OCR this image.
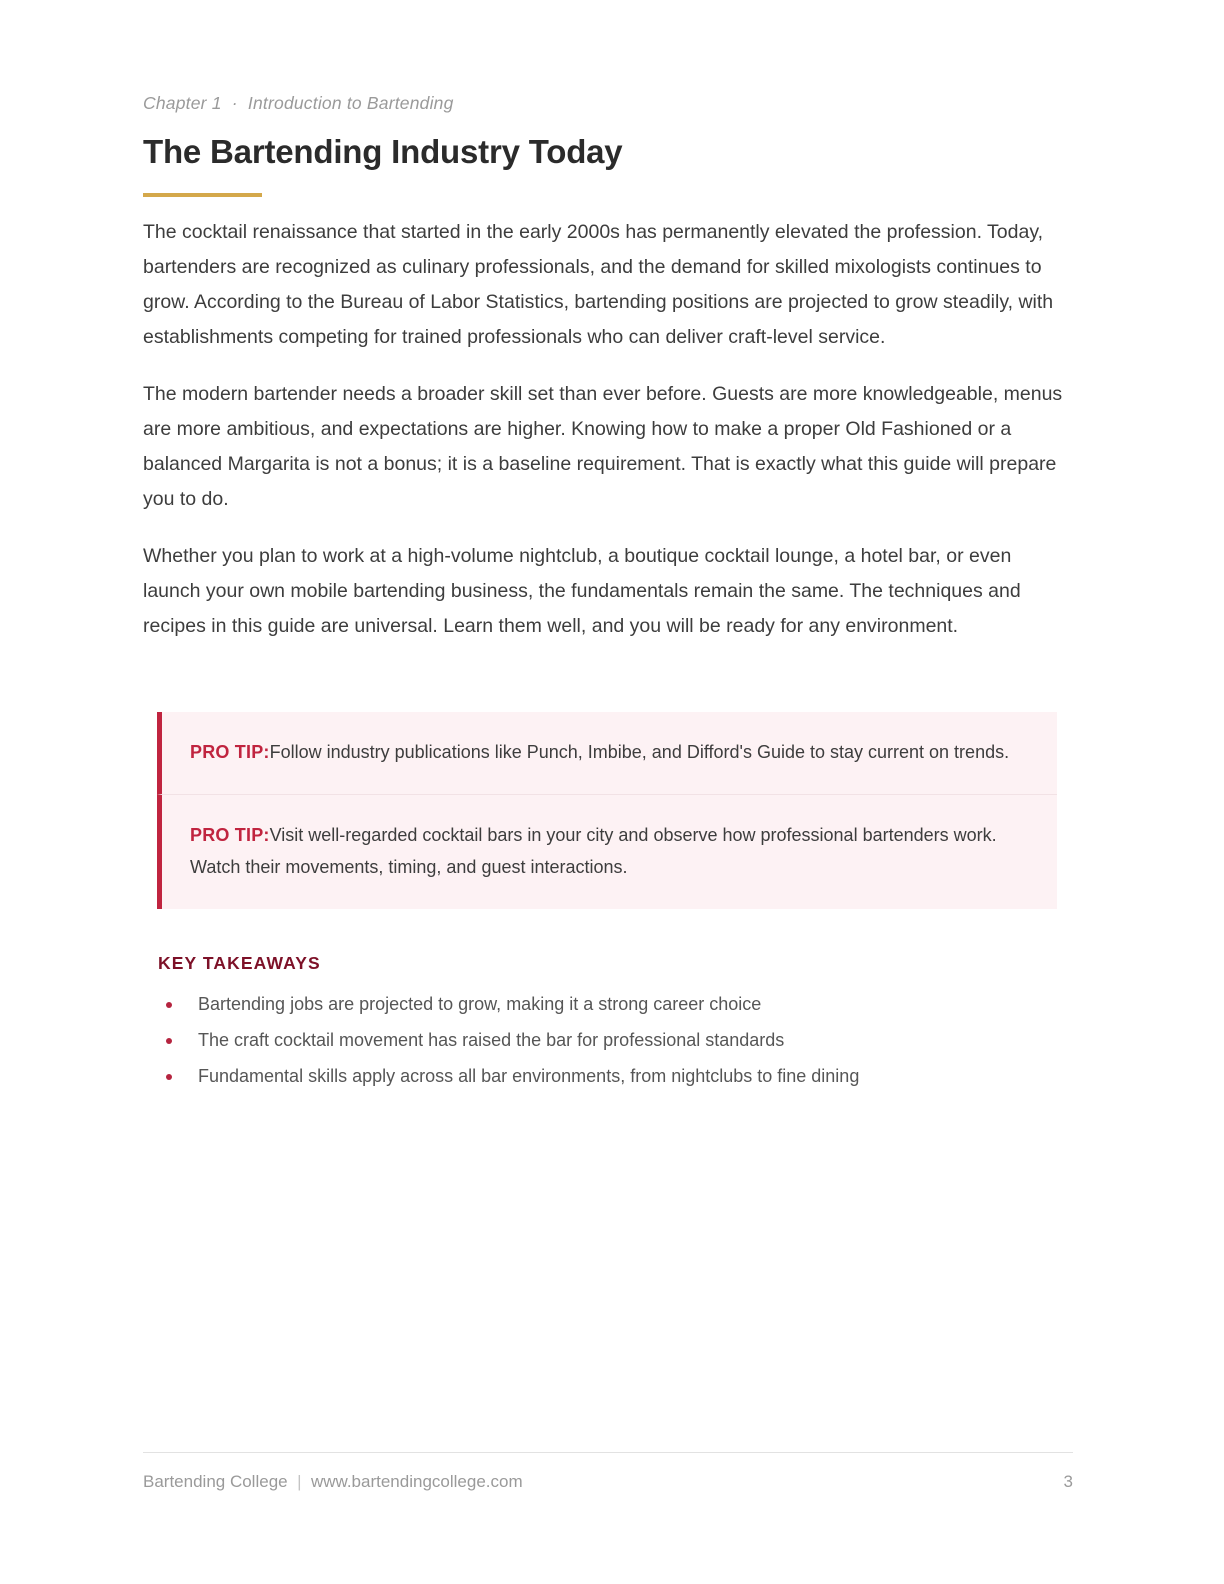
Chapter 1  ·  Introduction to Bartending
The Bartending Industry Today

The cocktail renaissance that started in the early 2000s has permanently elevated the profession. Today, bartenders are recognized as culinary professionals, and the demand for skilled mixologists continues to grow. According to the Bureau of Labor Statistics, bartending positions are projected to grow steadily, with establishments competing for trained professionals who can deliver craft-level service.

The modern bartender needs a broader skill set than ever before. Guests are more knowledgeable, menus are more ambitious, and expectations are higher. Knowing how to make a proper Old Fashioned or a balanced Margarita is not a bonus; it is a baseline requirement. That is exactly what this guide will prepare you to do.

Whether you plan to work at a high-volume nightclub, a boutique cocktail lounge, a hotel bar, or even launch your own mobile bartending business, the fundamentals remain the same. The techniques and recipes in this guide are universal. Learn them well, and you will be ready for any environment.

PRO TIP:Follow industry publications like Punch, Imbibe, and Difford's Guide to stay current on trends.
PRO TIP:Visit well-regarded cocktail bars in your city and observe how professional bartenders work. Watch their movements, timing, and guest interactions.
KEY TAKEAWAYS
Bartending jobs are projected to grow, making it a strong career choice
The craft cocktail movement has raised the bar for professional standards
Fundamental skills apply across all bar environments, from nightclubs to fine dining
Bartending College | www.bartendingcollege.com	3
